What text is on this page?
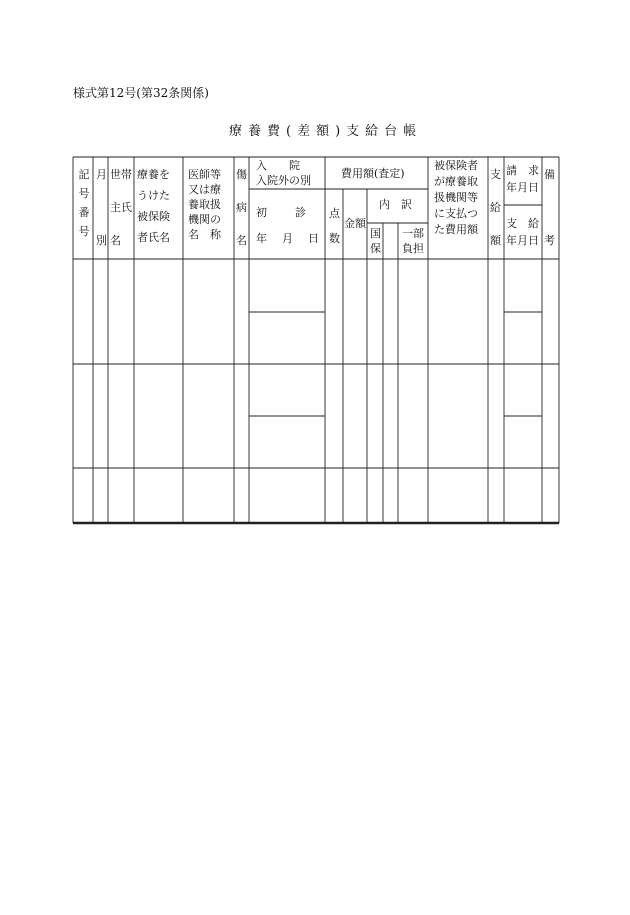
様式第12号(第32条関係)
療養費(差額)支給台帳
記
号
番
号
月
別
世帯
主氏
名
療養を
うけた
被保険
者氏名
医師等
又は療
養取扱
機関の
名　称
傷
病
名
入　　院
入院外の別
初　　診
年　月　日
費用額(査定)
点
数
金額
内　訳
国
保
一部
負担
被保険者
が療養取
扱機関等
に支払つ
た費用額
支
給
額
請　求
年月日
支　給
年月日
備
考
